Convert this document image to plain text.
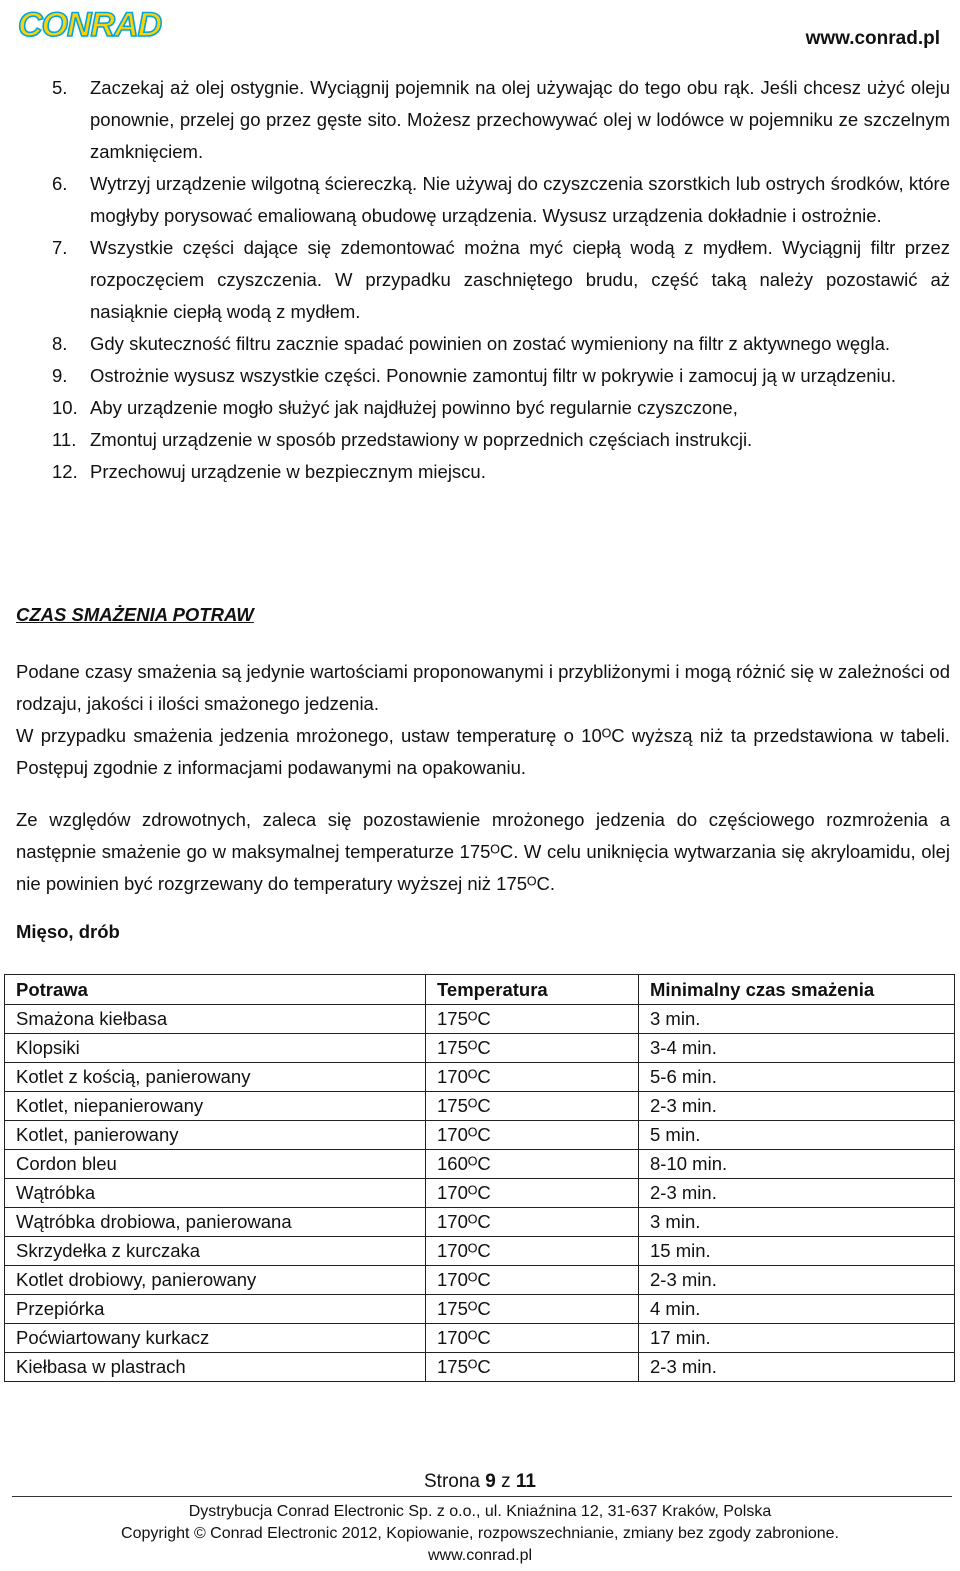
CONRAD	www.conrad.pl
5.	Zaczekaj aż olej ostygnie. Wyciągnij pojemnik na olej używając do tego obu rąk. Jeśli chcesz użyć oleju ponownie, przelej go przez gęste sito. Możesz przechowywać olej w lodówce w pojemniku ze szczelnym zamknięciem.
6.	Wytrzyj urządzenie wilgotną ściereczką. Nie używaj do czyszczenia szorstkich lub ostrych środków, które mogłyby porysować emaliowaną obudowę urządzenia. Wysusz urządzenia dokładnie i ostrożnie.
7.	Wszystkie części dające się zdemontować można myć ciepłą wodą z mydłem. Wyciągnij filtr przez rozpoczęciem czyszczenia. W przypadku zaschniętego brudu, część taką należy pozostawić aż nasiąknie ciepłą wodą z mydłem.
8.	Gdy skuteczność filtru zacznie spadać powinien on zostać wymieniony na filtr z aktywnego węgla.
9.	Ostrożnie wysusz wszystkie części. Ponownie zamontuj filtr w pokrywie i zamocuj ją w urządzeniu.
10. Aby urządzenie mogło służyć jak najdłużej powinno być regularnie czyszczone,
11. Zmontuj urządzenie w sposób przedstawiony w poprzednich częściach instrukcji.
12. Przechowuj urządzenie w bezpiecznym miejscu.
CZAS SMAŻENIA POTRAW

Podane czasy smażenia są jedynie wartościami proponowanymi i przybliżonymi i mogą różnić się w zależności od rodzaju, jakości i ilości smażonego jedzenia.

W przypadku smażenia jedzenia mrożonego, ustaw temperaturę o 10ᴼC wyższą niż ta przedstawiona w tabeli. Postępuj zgodnie z informacjami podawanymi na opakowaniu.

Ze względów zdrowotnych, zaleca się pozostawienie mrożonego jedzenia do częściowego rozmrożenia a następnie smażenie go w maksymalnej temperaturze 175ᴼC. W celu uniknięcia wytwarzania się akryloamidu, olej nie powinien być rozgrzewany do temperatury wyższej niż 175ᴼC.

Mięso, drób
Potrawa	Temperatura	Minimalny czas smażenia
Smażona kiełbasa	175ᴼC	3 min.
Klopsiki	175ᴼC	3-4 min.
Kotlet z kością, panierowany	170ᴼC	5-6 min.
Kotlet, niepanierowany	175ᴼC	2-3 min.
Kotlet, panierowany	170ᴼC	5 min.
Cordon bleu	160ᴼC	8-10 min.
Wątróbka	170ᴼC	2-3 min.
Wątróbka drobiowa, panierowana	170ᴼC	3 min.
Skrzydełka z kurczaka	170ᴼC	15 min.
Kotlet drobiowy, panierowany	170ᴼC	2-3 min.
Przepiórka	175ᴼC	4 min.
Poćwiartowany kurkacz	170ᴼC	17 min.
Kiełbasa w plastrach	175ᴼC	2-3 min.
Strona 9 z 11
Dystrybucja Conrad Electronic Sp. z o.o., ul. Kniaźnina 12, 31-637 Kraków, Polska
Copyright © Conrad Electronic 2012, Kopiowanie, rozpowszechnianie, zmiany bez zgody zabronione.
www.conrad.pl
